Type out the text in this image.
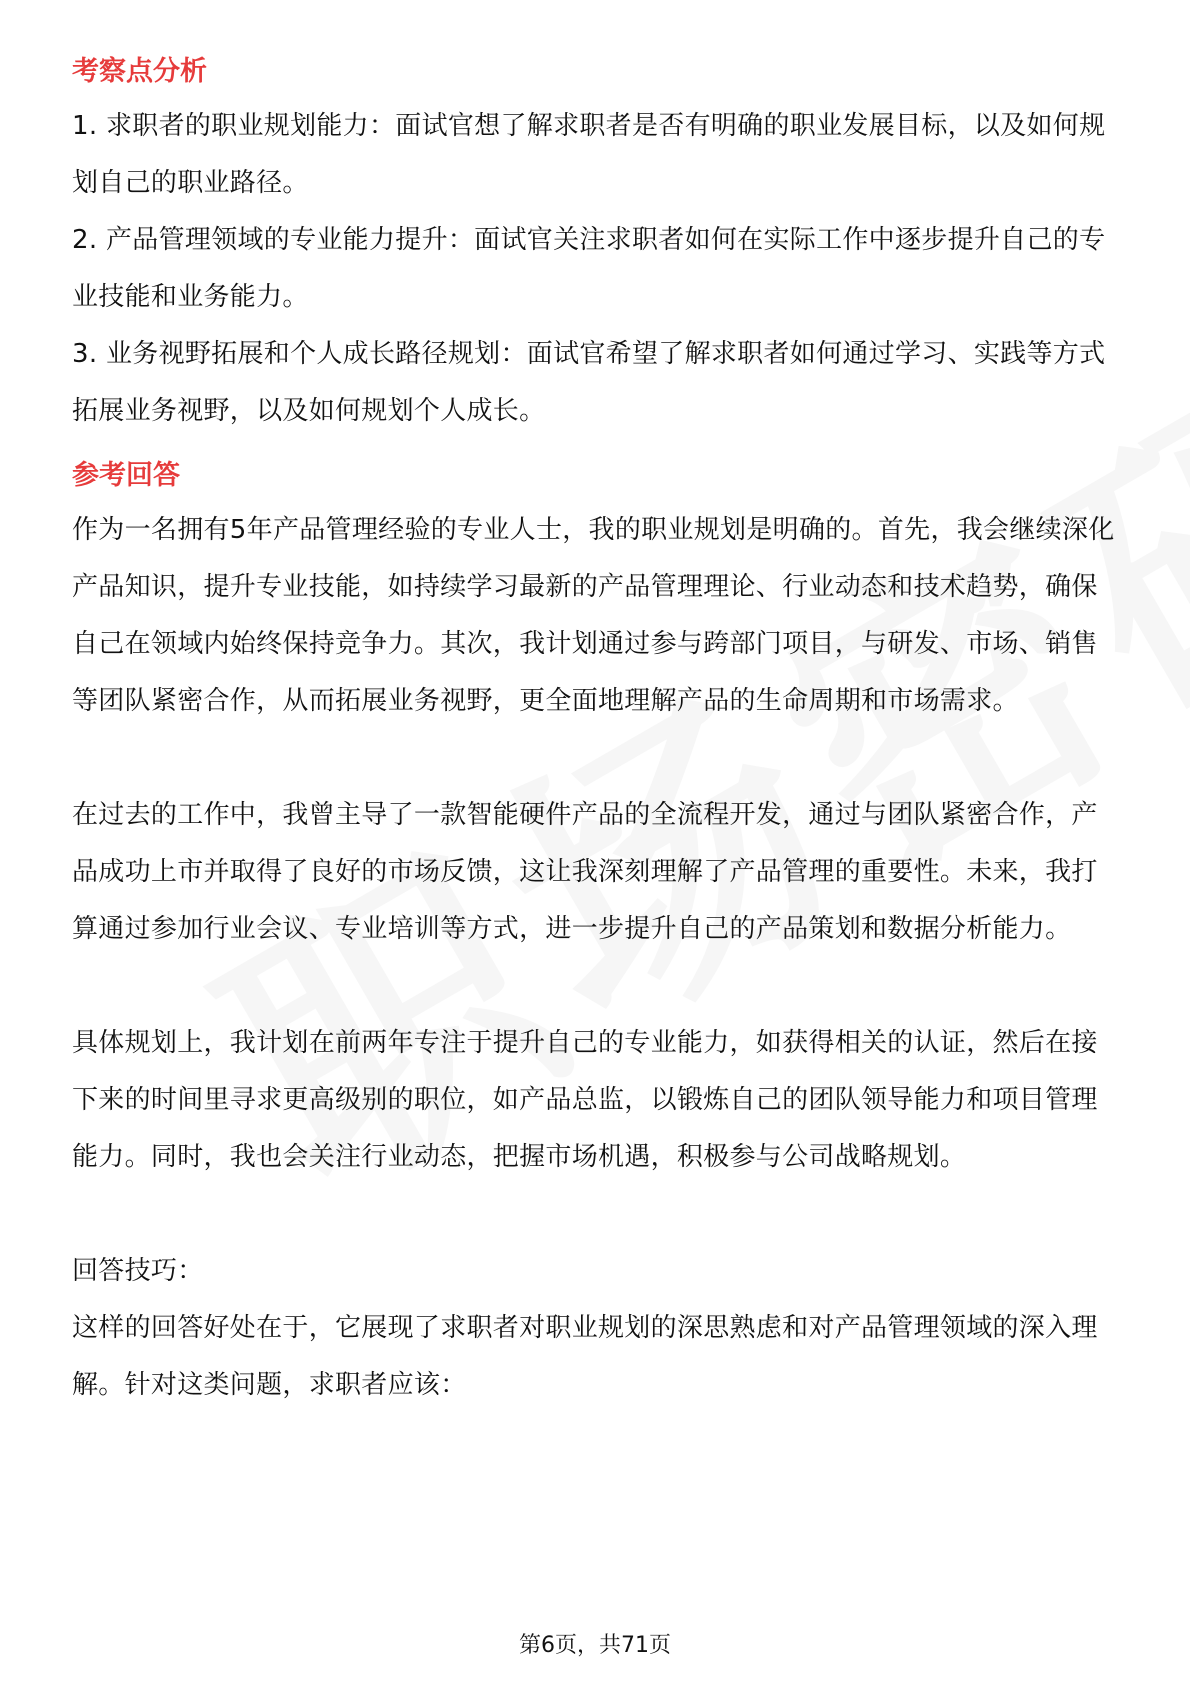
考察点分析

1. 求职者的职业规划能力：面试官想了解求职者是否有明确的职业发展目标，以及如何规划自己的职业路径。

2. 产品管理领域的专业能力提升：面试官关注求职者如何在实际工作中逐步提升自己的专业技能和业务能力。

3. 业务视野拓展和个人成长路径规划：面试官希望了解求职者如何通过学习、实践等方式拓展业务视野，以及如何规划个人成长。

参考回答

作为一名拥有5年产品管理经验的专业人士，我的职业规划是明确的。首先，我会继续深化产品知识，提升专业技能，如持续学习最新的产品管理理论、行业动态和技术趋势，确保自己在领域内始终保持竞争力。其次，我计划通过参与跨部门项目，与研发、市场、销售等团队紧密合作，从而拓展业务视野，更全面地理解产品的生命周期和市场需求。

在过去的工作中，我曾主导了一款智能硬件产品的全流程开发，通过与团队紧密合作，产品成功上市并取得了良好的市场反馈，这让我深刻理解了产品管理的重要性。未来，我打算通过参加行业会议、专业培训等方式，进一步提升自己的产品策划和数据分析能力。

具体规划上，我计划在前两年专注于提升自己的专业能力，如获得相关的认证，然后在接下来的时间里寻求更高级别的职位，如产品总监，以锻炼自己的团队领导能力和项目管理能力。同时，我也会关注行业动态，把握市场机遇，积极参与公司战略规划。

回答技巧：

这样的回答好处在于，它展现了求职者对职业规划的深思熟虑和对产品管理领域的深入理解。针对这类问题，求职者应该：

第6页，共71页
